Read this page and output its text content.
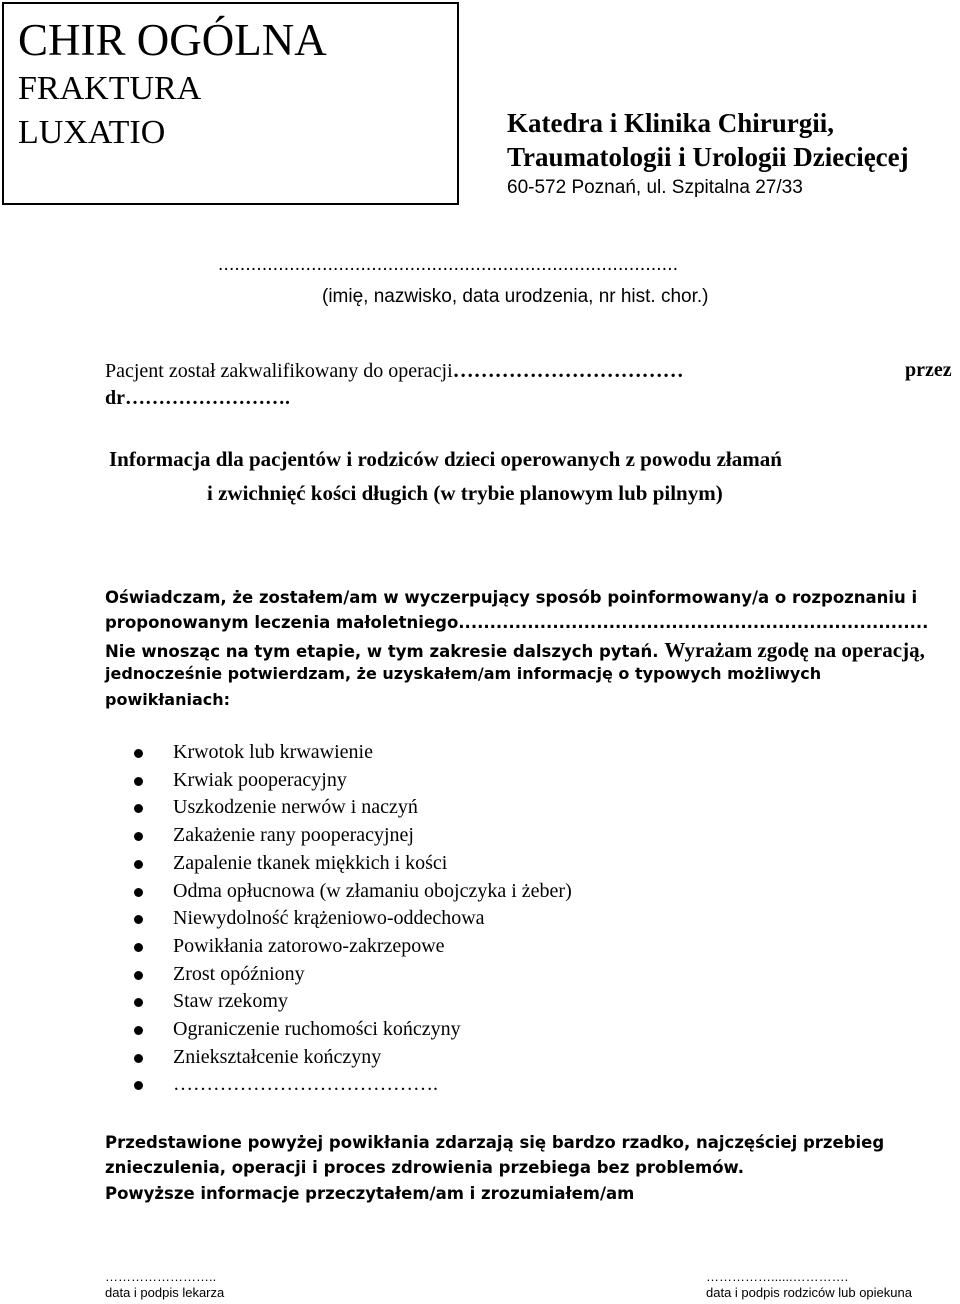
CHIR OGÓLNA
FRAKTURA
LUXATIO	Katedra i Klinika Chirurgii,
Traumatologii i Urologii Dziecięcej
60-572 Poznań, ul. Szpitalna 27/33
....................................................................................
(imię, nazwisko, data urodzenia, nr hist. chor.)
Pacjent został zakwalifikowany do operacji……………………………	przez
dr…………………….
Informacja dla pacjentów i rodziców dzieci operowanych z powodu złamań
i zwichnięć kości długich (w trybie planowym lub pilnym)
Oświadczam, że zostałem/am w wyczerpujący sposób poinformowany/a o rozpoznaniu i
proponowanym leczenia małoletniego...........................................................................
Nie wnosząc na tym etapie, w tym zakresie dalszych pytań. Wyrażam zgodę na operacją,
jednocześnie potwierdzam, że uzyskałem/am informację o typowych możliwych
powikłaniach:
Krwotok lub krwawienie
Krwiak pooperacyjny
Uszkodzenie nerwów i naczyń
Zakażenie rany pooperacyjnej
Zapalenie tkanek miękkich i kości
Odma opłucnowa (w złamaniu obojczyka i żeber)
Niewydolność krążeniowo-oddechowa
Powikłania zatorowo-zakrzepowe
Zrost opóźniony
Staw rzekomy
Ograniczenie ruchomości kończyny
Zniekształcenie kończyny
………………………………….
Przedstawione powyżej powikłania zdarzają się bardzo rzadko, najczęściej przebieg
znieczulenia, operacji i proces zdrowienia przebiega bez problemów.
Powyższe informacje przeczytałem/am i zrozumiałem/am
……………………..
data i podpis lekarza
……………......………….
data i podpis rodziców lub opiekuna
